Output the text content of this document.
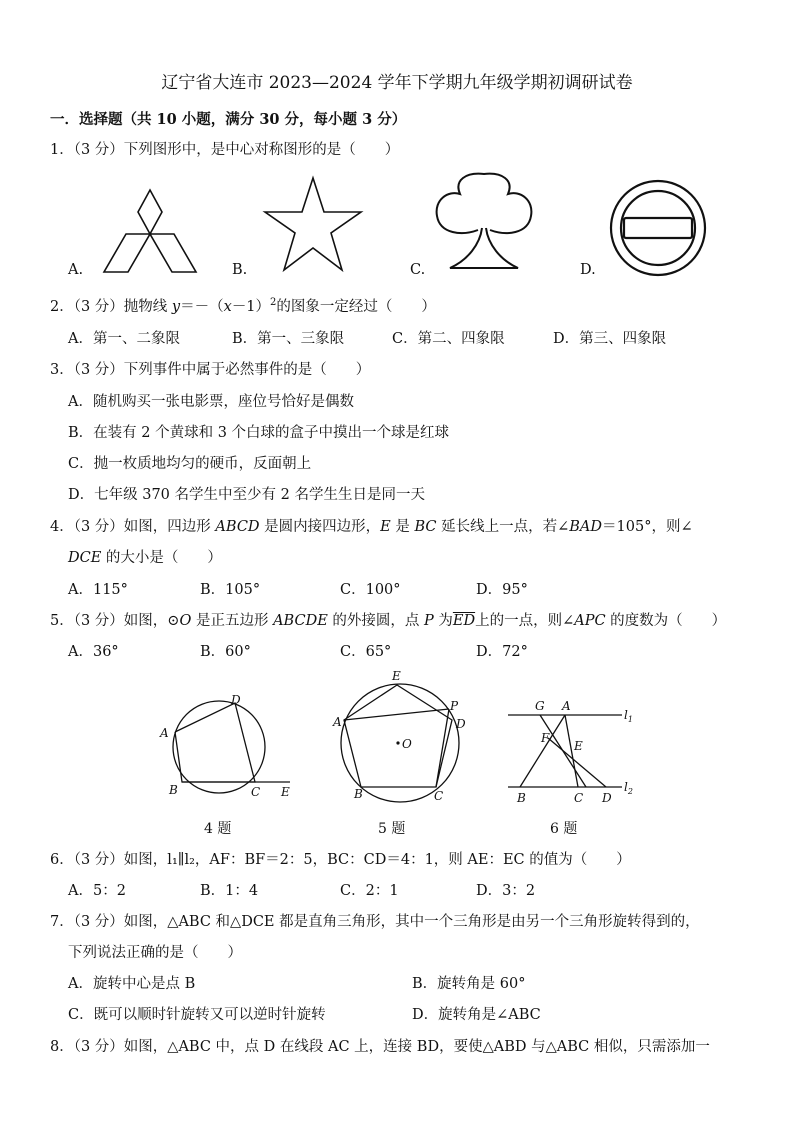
辽宁省大连市 2023—2024 学年下学期九年级学期初调研试卷
一．选择题（共 10 小题，满分 30 分，每小题 3 分）
1．（3 分）下列图形中，是中心对称图形的是（　　）
A.	B.	C.	D.
2．（3 分）抛物线 $y=-(x-1)^2$的图象一定经过（　　）
A．第一、二象限	B．第一、三象限	C．第二、四象限	D．第三、四象限
3．（3 分）下列事件中属于必然事件的是（　　）
A．随机购买一张电影票，座位号恰好是偶数
B．在装有 2 个黄球和 3 个白球的盒子中摸出一个球是红球
C．抛一枚质地均匀的硬币，反面朝上
D．七年级 370 名学生中至少有 2 名学生生日是同一天
4．（3 分）如图，四边形 ABCD 是圆内接四边形，E 是 BC 延长线上一点，若∠BAD＝105°，则∠
DCE 的大小是（　　）
A．115°	B．105°	C．100°	D．95°
5．（3 分）如图，⊙O 是正五边形 ABCDE 的外接圆，点 P 为$\overline{ED}$上的一点，则∠APC 的度数为（　　）
A．36°	B．60°	C．65°	D．72°
A
D
B	C E
4 题
E
A
P
D
O
B	C
5 题
G A
$l_1$
F
E
B	C D
$l_2$
6 题
6．（3 分）如图，l₁∥l₂，AF：BF＝2：5，BC：CD＝4：1，则 AE：EC 的值为（　　）
A．5：2	B．1：4	C．2：1	D．3：2
7．（3 分）如图，△ABC 和△DCE 都是直角三角形，其中一个三角形是由另一个三角形旋转得到的，
下列说法正确的是（　　）
A．旋转中心是点 B	B．旋转角是 60°
C．既可以顺时针旋转又可以逆时针旋转	D．旋转角是∠ABC
8．（3 分）如图，△ABC 中，点 D 在线段 AC 上，连接 BD，要使△ABD 与△ABC 相似，只需添加一
